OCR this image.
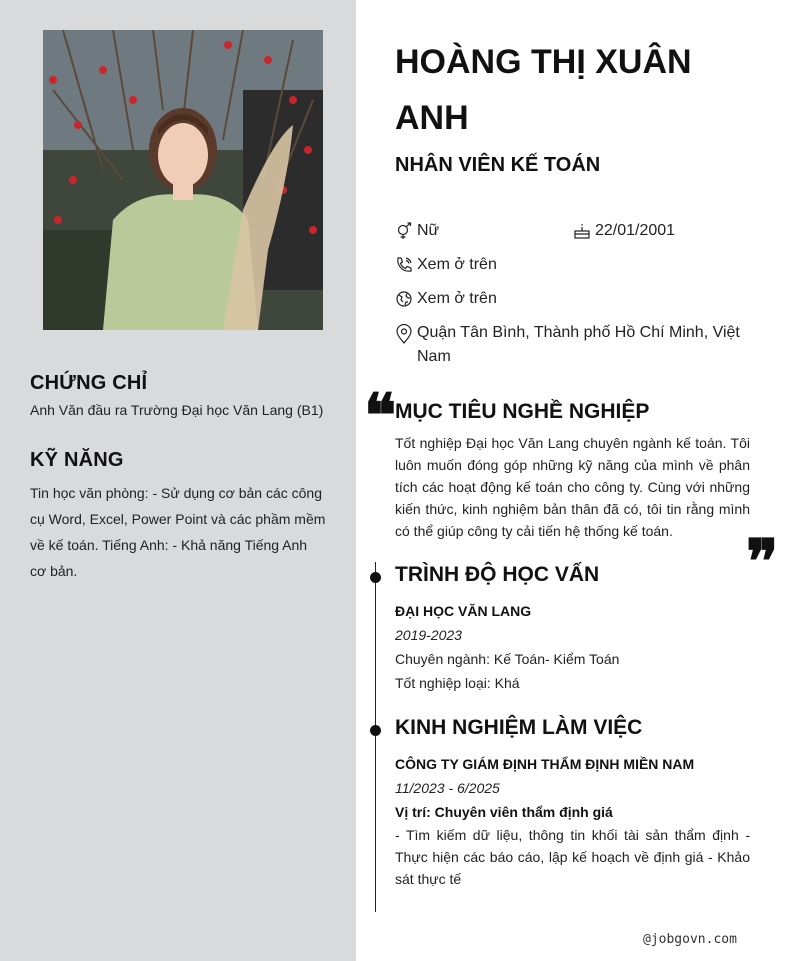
CHỨNG CHỈ
Anh Văn đầu ra Trường Đại học Văn Lang (B1)
KỸ NĂNG
Tin học văn phòng: - Sử dụng cơ bản các công cụ Word, Excel, Power Point và các phầm mềm về kế toán. Tiếng Anh: - Khả năng Tiếng Anh cơ bản.
HOÀNG THỊ XUÂN ANH
NHÂN VIÊN KẾ TOÁN
Nữ	22/01/2001
Xem ở trên
Xem ở trên
Quận Tân Bình, Thành phố Hồ Chí Minh, Việt Nam
❝
MỤC TIÊU NGHỀ NGHIỆP
Tốt nghiệp Đại học Văn Lang chuyên ngành kế toán. Tôi luôn muốn đóng góp những kỹ năng của mình về phân tích các hoạt động kế toán cho công ty. Cùng với những kiến thức, kinh nghiệm bản thân đã có, tôi tin rằng mình có thể giúp công ty cải tiến hệ thống kế toán.	❞
TRÌNH ĐỘ HỌC VẤN
ĐẠI HỌC VĂN LANG
2019-2023
Chuyên ngành: Kế Toán- Kiểm Toán
Tốt nghiệp loại: Khá
KINH NGHIỆM LÀM VIỆC
CÔNG TY GIÁM ĐỊNH THẨM ĐỊNH MIỀN NAM
11/2023 - 6/2025
Vị trí: Chuyên viên thẩm định giá
- Tìm kiếm dữ liệu, thông tin khối tài sản thẩm định - Thực hiện các báo cáo, lập kế hoạch về định giá - Khảo sát thực tế
@jobgovn.com
